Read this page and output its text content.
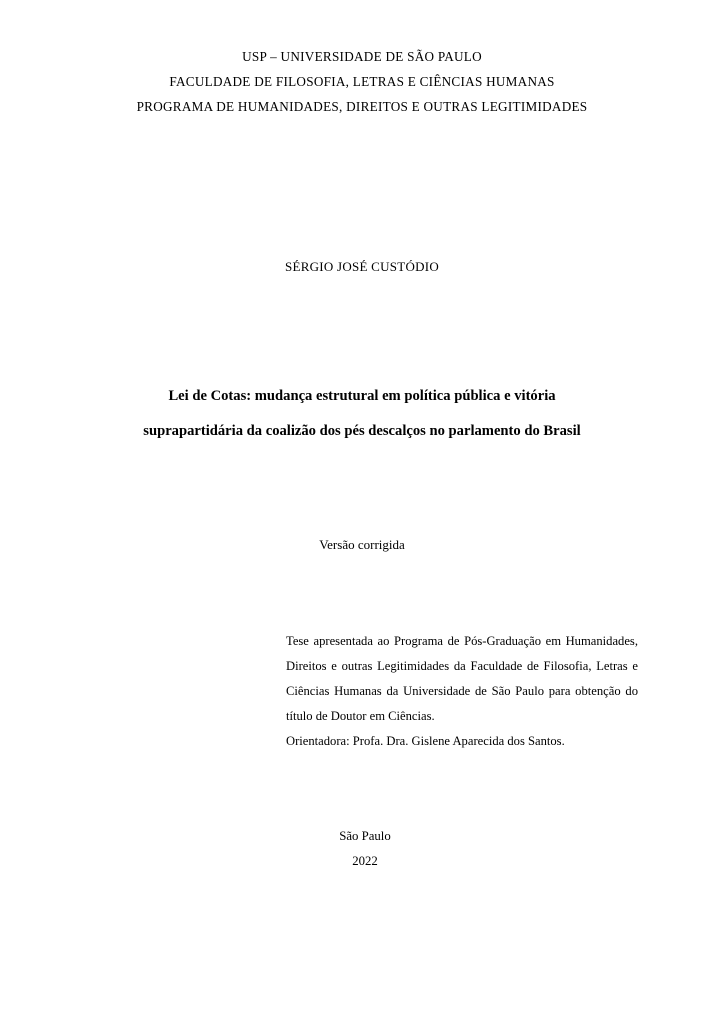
USP – UNIVERSIDADE DE SÃO PAULO
FACULDADE DE FILOSOFIA, LETRAS E CIÊNCIAS HUMANAS
PROGRAMA DE HUMANIDADES, DIREITOS E OUTRAS LEGITIMIDADES
SÉRGIO JOSÉ CUSTÓDIO
Lei de Cotas: mudança estrutural em política pública e vitória
suprapartidária da coalizão dos pés descalços no parlamento do Brasil
Versão corrigida

Tese apresentada ao Programa de Pós-Graduação em Humanidades, Direitos e outras Legitimidades da Faculdade de Filosofia, Letras e Ciências Humanas da Universidade de São Paulo para obtenção do título de Doutor em Ciências.

Orientadora: Profa. Dra. Gislene Aparecida dos Santos.

São Paulo
2022
